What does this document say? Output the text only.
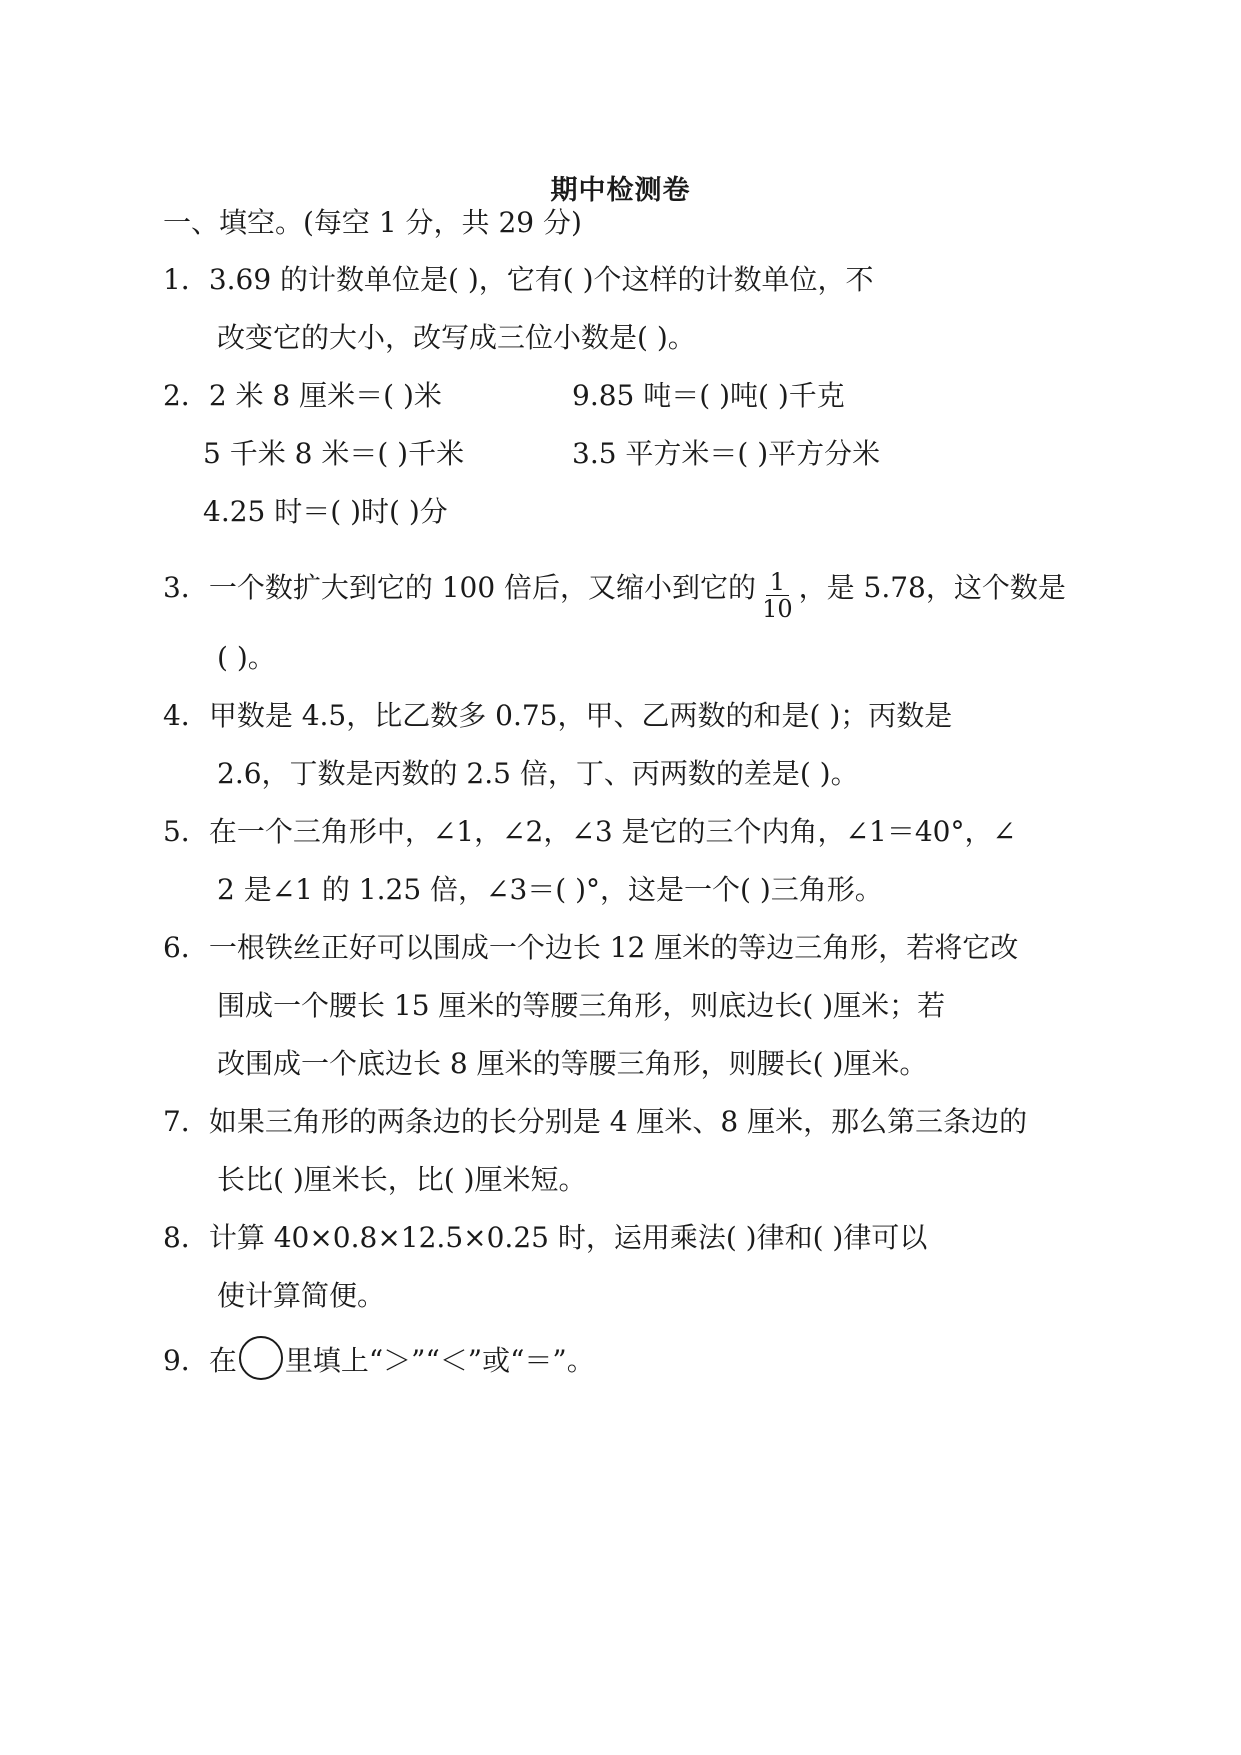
期中检测卷
一、填空。(每空 1 分，共 29 分)
1．3.69 的计数单位是( )，它有( )个这样的计数单位，不
改变它的大小，改写成三位小数是( )。
2．2 米 8 厘米＝( )米	9.85 吨＝( )吨( )千克
5 千米 8 米＝( )千米	3.5 平方米＝( )平方分米
4.25 时＝( )时( )分
3．一个数扩大到它的 100 倍后，又缩小到它的 $\frac{1}{10}$ ，是 5.78，这个数是
( )。
4．甲数是 4.5，比乙数多 0.75，甲、乙两数的和是( )；丙数是
2.6，丁数是丙数的 2.5 倍，丁、丙两数的差是( )。
5．在一个三角形中，∠1，∠2，∠3 是它的三个内角，∠1＝40°，∠
2 是∠1 的 1.25 倍，∠3＝( )°，这是一个( )三角形。
6．一根铁丝正好可以围成一个边长 12 厘米的等边三角形，若将它改
围成一个腰长 15 厘米的等腰三角形，则底边长( )厘米；若
改围成一个底边长 8 厘米的等腰三角形，则腰长( )厘米。
7．如果三角形的两条边的长分别是 4 厘米、8 厘米，那么第三条边的
长比( )厘米长，比( )厘米短。
8．计算 40×0.8×12.5×0.25 时，运用乘法( )律和( )律可以
使计算简便。
9．在 里填上“＞”“＜”或“＝”。
